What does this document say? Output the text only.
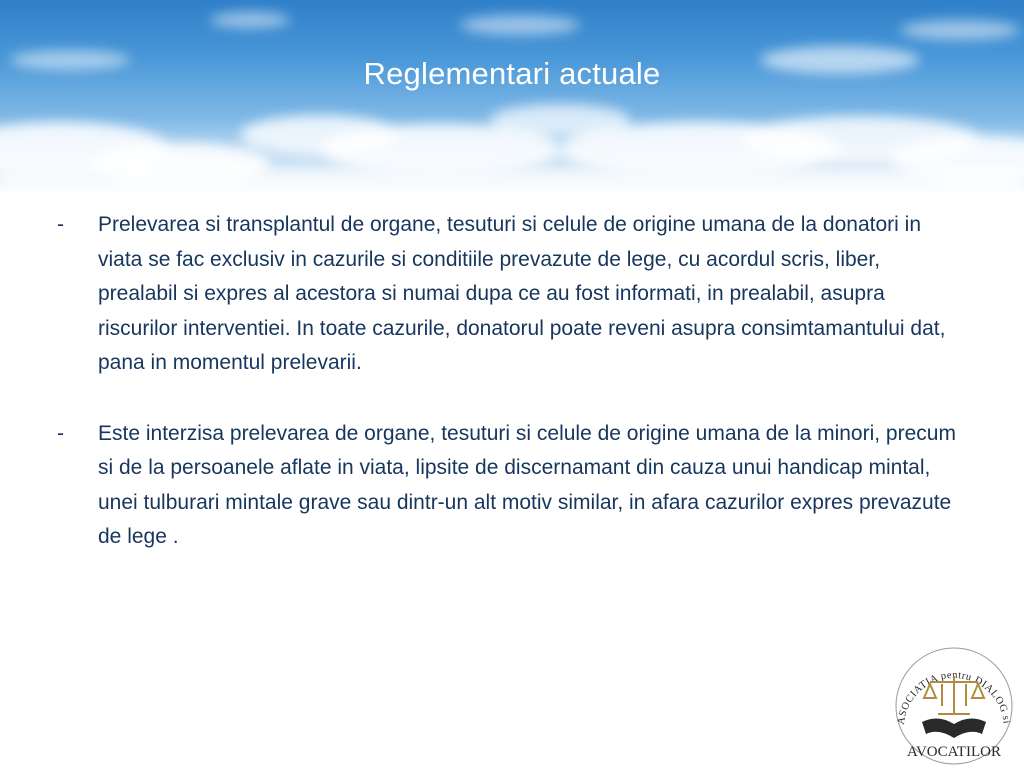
Reglementari actuale
-	Prelevarea si transplantul de organe, tesuturi si celule de origine umana de la donatori in viata se fac exclusiv in cazurile si conditiile prevazute de lege, cu acordul scris, liber, prealabil si expres al acestora si numai dupa ce au fost informati, in prealabil, asupra riscurilor interventiei. In toate cazurile, donatorul poate reveni asupra consimtamantului dat, pana in momentul prelevarii.
-	Este interzisa prelevarea de organe, tesuturi si celule de origine umana de la minori, precum si de la persoanele aflate in viata, lipsite de discernamant din cauza unui handicap mintal, unei tulburari mintale grave sau dintr-un alt motiv similar, in afara cazurilor expres prevazute de lege .
ASOCIATIA pentru DIALOG si
AVOCATILOR
